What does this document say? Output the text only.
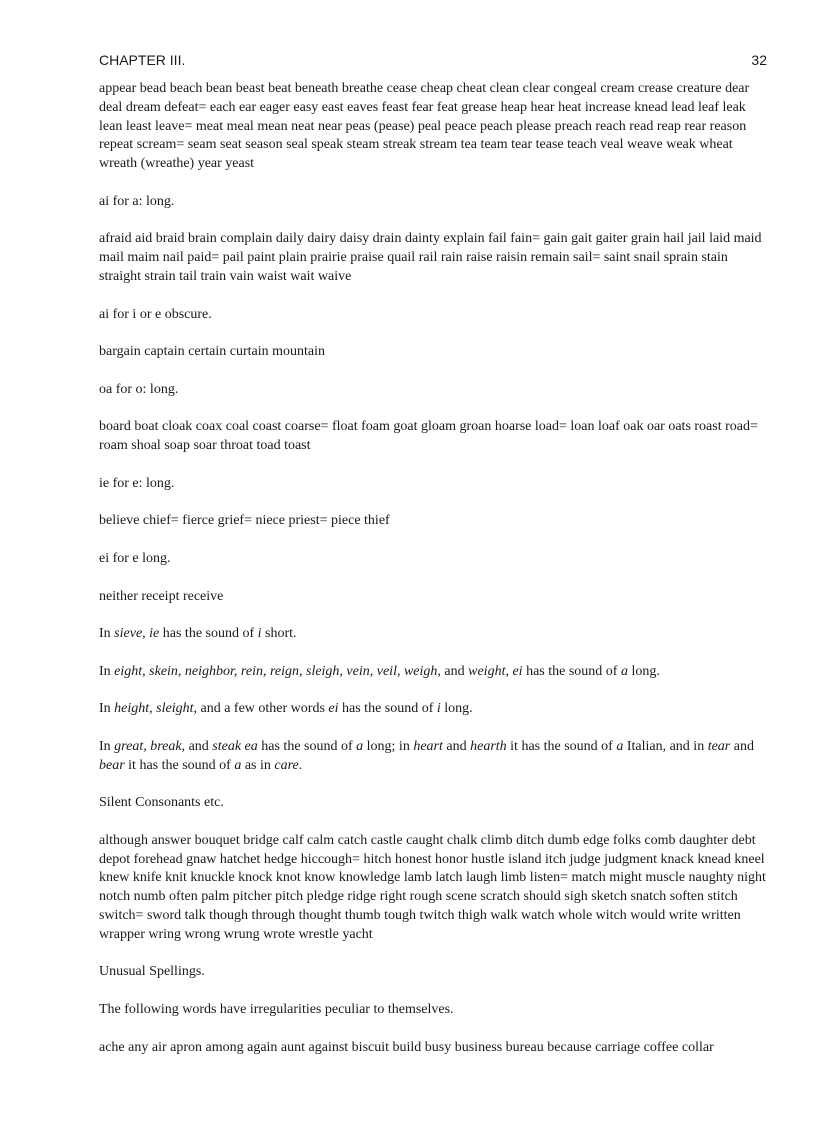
CHAPTER III.	32

appear bead beach bean beast beat beneath breathe cease cheap cheat clean clear congeal cream crease creature dear deal dream defeat= each ear eager easy east eaves feast fear feat grease heap hear heat increase knead lead leaf leak lean least leave= meat meal mean neat near peas (pease) peal peace peach please preach reach read reap rear reason repeat scream= seam seat season seal speak steam streak stream tea team tear tease teach veal weave weak wheat wreath (wreathe) year yeast

ai for a: long.

afraid aid braid brain complain daily dairy daisy drain dainty explain fail fain= gain gait gaiter grain hail jail laid maid mail maim nail paid= pail paint plain prairie praise quail rail rain raise raisin remain sail= saint snail sprain stain straight strain tail train vain waist wait waive

ai for i or e obscure.

bargain captain certain curtain mountain

oa for o: long.

board boat cloak coax coal coast coarse= float foam goat gloam groan hoarse load= loan loaf oak oar oats roast road= roam shoal soap soar throat toad toast

ie for e: long.

believe chief= fierce grief= niece priest= piece thief

ei for e long.

neither receipt receive

In sieve, ie has the sound of i short.

In eight, skein, neighbor, rein, reign, sleigh, vein, veil, weigh, and weight, ei has the sound of a long.

In height, sleight, and a few other words ei has the sound of i long.

In great, break, and steak ea has the sound of a long; in heart and hearth it has the sound of a Italian, and in tear and bear it has the sound of a as in care.

Silent Consonants etc.

although answer bouquet bridge calf calm catch castle caught chalk climb ditch dumb edge folks comb daughter debt depot forehead gnaw hatchet hedge hiccough= hitch honest honor hustle island itch judge judgment knack knead kneel knew knife knit knuckle knock knot know knowledge lamb latch laugh limb listen= match might muscle naughty night notch numb often palm pitcher pitch pledge ridge right rough scene scratch should sigh sketch snatch soften stitch switch= sword talk though through thought thumb tough twitch thigh walk watch whole witch would write written wrapper wring wrong wrung wrote wrestle yacht

Unusual Spellings.

The following words have irregularities peculiar to themselves.

ache any air apron among again aunt against biscuit build busy business bureau because carriage coffee collar
